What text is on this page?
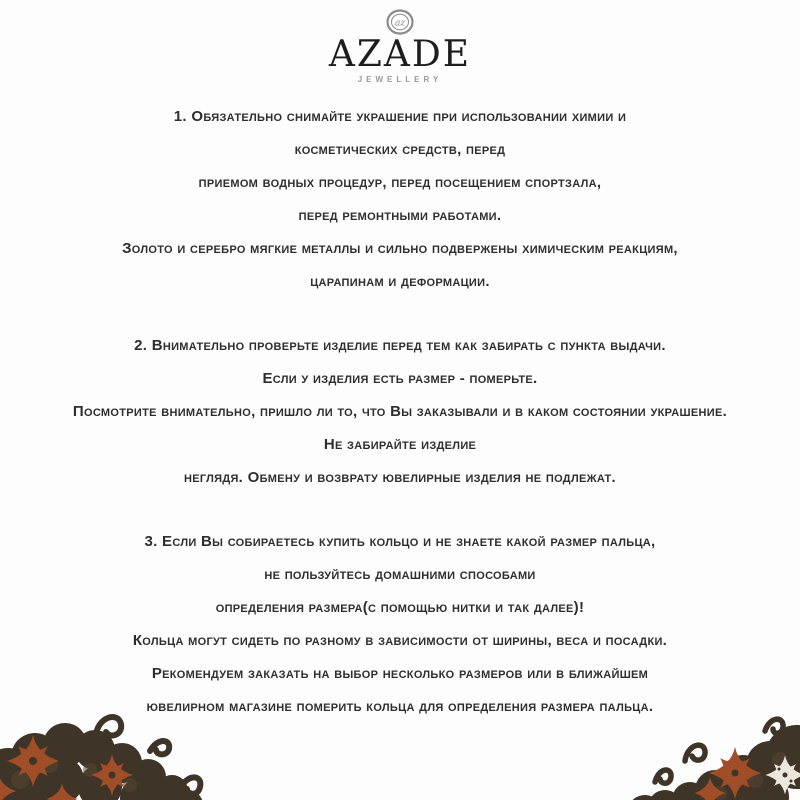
az
AZADE
JEWELLERY
1. Обязательно снимайте украшение при использовании химии и
косметических средств, перед
приемом водных процедур, перед посещением спортзала,
перед ремонтными работами.
Золото и серебро мягкие металлы и сильно подвержены химическим реакциям,
царапинам и деформации.
2. Внимательно проверьте изделие перед тем как забирать с пункта выдачи.
Если у изделия есть размер - померьте.
Посмотрите внимательно, пришло ли то, что Вы заказывали и в каком состоянии украшение.
Не забирайте изделие
неглядя. Обмену и возврату ювелирные изделия не подлежат.
3. Если Вы собираетесь купить кольцо и не знаете какой размер пальца,
не пользуйтесь домашними способами
определения размера(с помощью нитки и так далее)!
Кольца могут сидеть по разному в зависимости от ширины, веса и посадки.
Рекомендуем заказать на выбор несколько размеров или в ближайшем
ювелирном магазине померить кольца для определения размера пальца.
